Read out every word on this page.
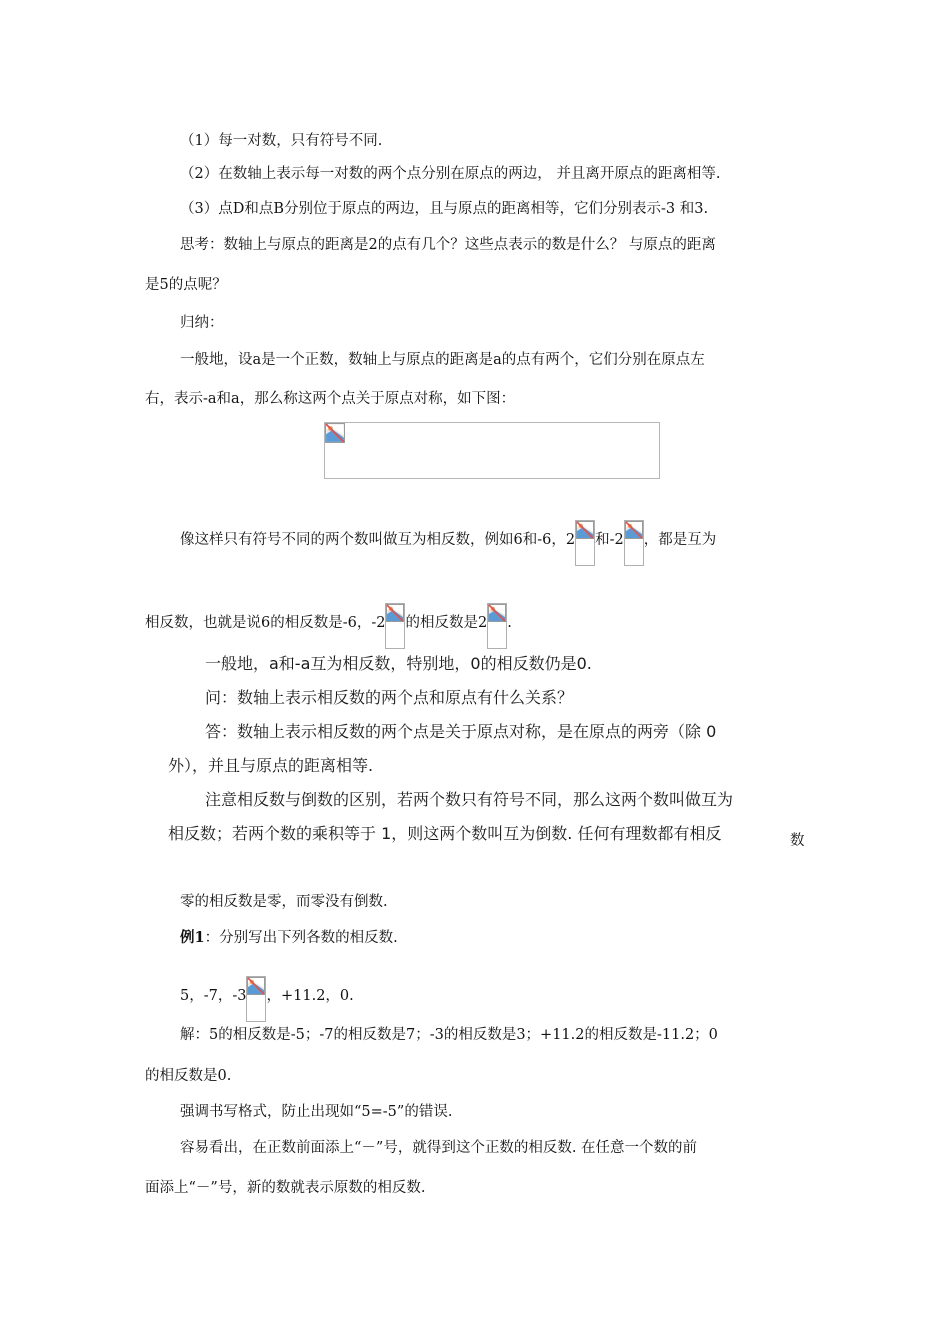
（1）每一对数，只有符号不同.
（2）在数轴上表示每一对数的两个点分别在原点的两边， 并且离开原点的距离相等.
（3）点D和点B分别位于原点的两边，且与原点的距离相等，它们分别表示-3 和3.
思考：数轴上与原点的距离是2的点有几个？这些点表示的数是什么？ 与原点的距离
是5的点呢？
归纳：
一般地，设a是一个正数，数轴上与原点的距离是a的点有两个，它们分别在原点左
右，表示-a和a，那么称这两个点关于原点对称，如下图：
像这样只有符号不同的两个数叫做互为相反数，例如6和-6，2 和-2 ，都是互为
相反数，也就是说6的相反数是-6，-2 的相反数是2 .
一般地，a和-a互为相反数，特别地，0的相反数仍是0.
问：数轴上表示相反数的两个点和原点有什么关系？
答：数轴上表示相反数的两个点是关于原点对称，是在原点的两旁（除 0
外），并且与原点的距离相等.
注意相反数与倒数的区别，若两个数只有符号不同，那么这两个数叫做互为
相反数；若两个数的乘积等于 1，则这两个数叫互为倒数. 任何有理数都有相反	数
零的相反数是零，而零没有倒数.
例1：分别写出下列各数的相反数.
5，-7，-3 ，+11.2，0.
解：5的相反数是-5；-7的相反数是7；-3的相反数是3；+11.2的相反数是-11.2；0
的相反数是0.
强调书写格式，防止出现如“5=-5”的错误.
容易看出，在正数前面添上“－”号，就得到这个正数的相反数. 在任意一个数的前
面添上“－”号，新的数就表示原数的相反数.
